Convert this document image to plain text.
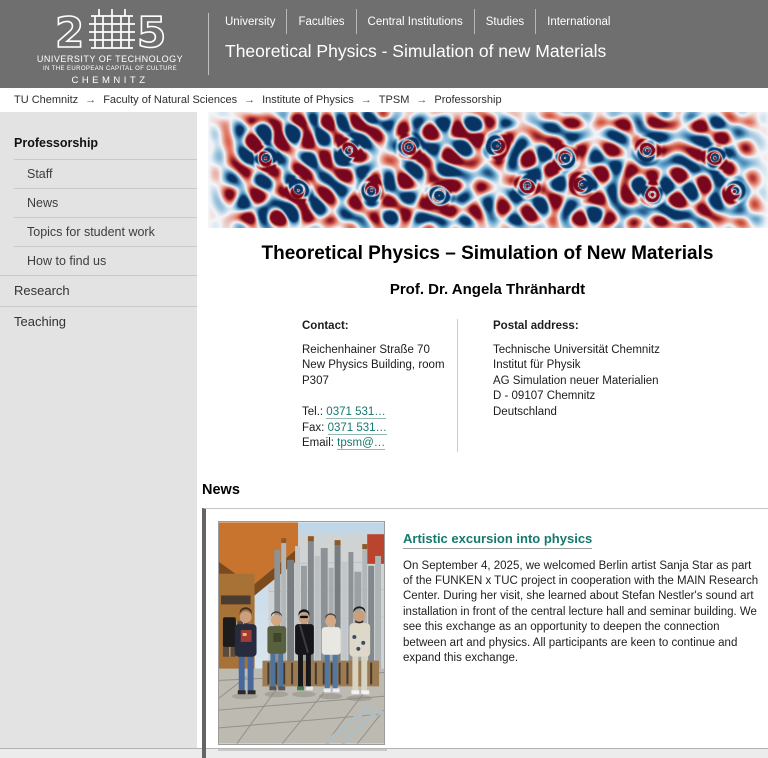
2 5
UNIVERSITY OF TECHNOLOGY
IN THE EUROPEAN CAPITAL OF CULTURE
CHEMNITZ
University	Faculties	Central Institutions	Studies	International
Theoretical Physics - Simulation of new Materials
TU Chemnitz → Faculty of Natural Sciences → Institute of Physics → TPSM → Professorship
Professorship
Staff
News
Topics for student work
How to find us
Research
Teaching
Theoretical Physics – Simulation of New Materials
Prof. Dr. Angela Thränhardt
Contact:
Reichenhainer Straße 70
New Physics Building, room P307
Tel.: 0371 531…
Fax: 0371 531…
Email: tpsm@…
Postal address:
Technische Universität Chemnitz
Institut für Physik
AG Simulation neuer Materialien
D - 09107 Chemnitz
Deutschland
News
Artistic excursion into physics

On September 4, 2025, we welcomed Berlin artist Sanja Star as part of the FUNKEN x TUC project in cooperation with the MAIN Research Center. During her visit, she learned about Stefan Nestler's sound art installation in front of the central lecture hall and seminar building. We see this exchange as an opportunity to deepen the connection between art and physics. All participants are keen to continue and expand this exchange.
